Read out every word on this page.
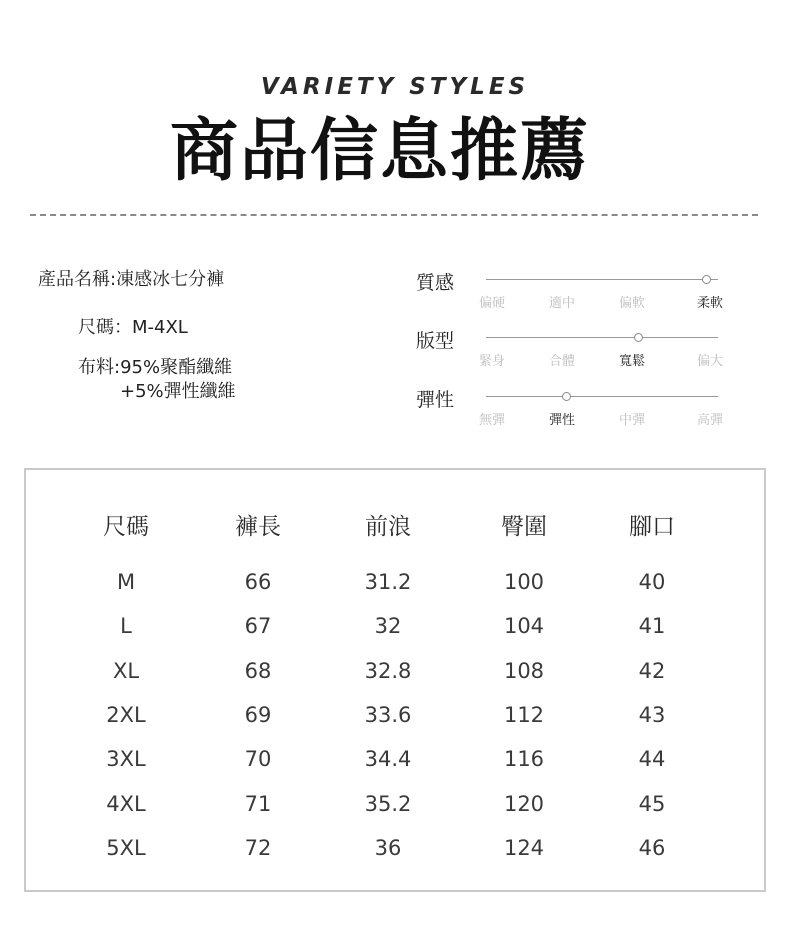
VARIETY STYLES
商品信息推薦
產品名稱:凍感冰七分褲
尺碼：M-4XL
布料:95%聚酯纖維
+5%彈性纖維
質感
偏硬	適中	偏軟	柔軟
版型
緊身	合體	寬鬆	偏大
彈性
無彈	彈性	中彈	高彈
尺碼	褲長	前浪	臀圍	腳口
M	66	31.2	100	40
L	67	32	104	41
XL	68	32.8	108	42
2XL	69	33.6	112	43
3XL	70	34.4	116	44
4XL	71	35.2	120	45
5XL	72	36	124	46
